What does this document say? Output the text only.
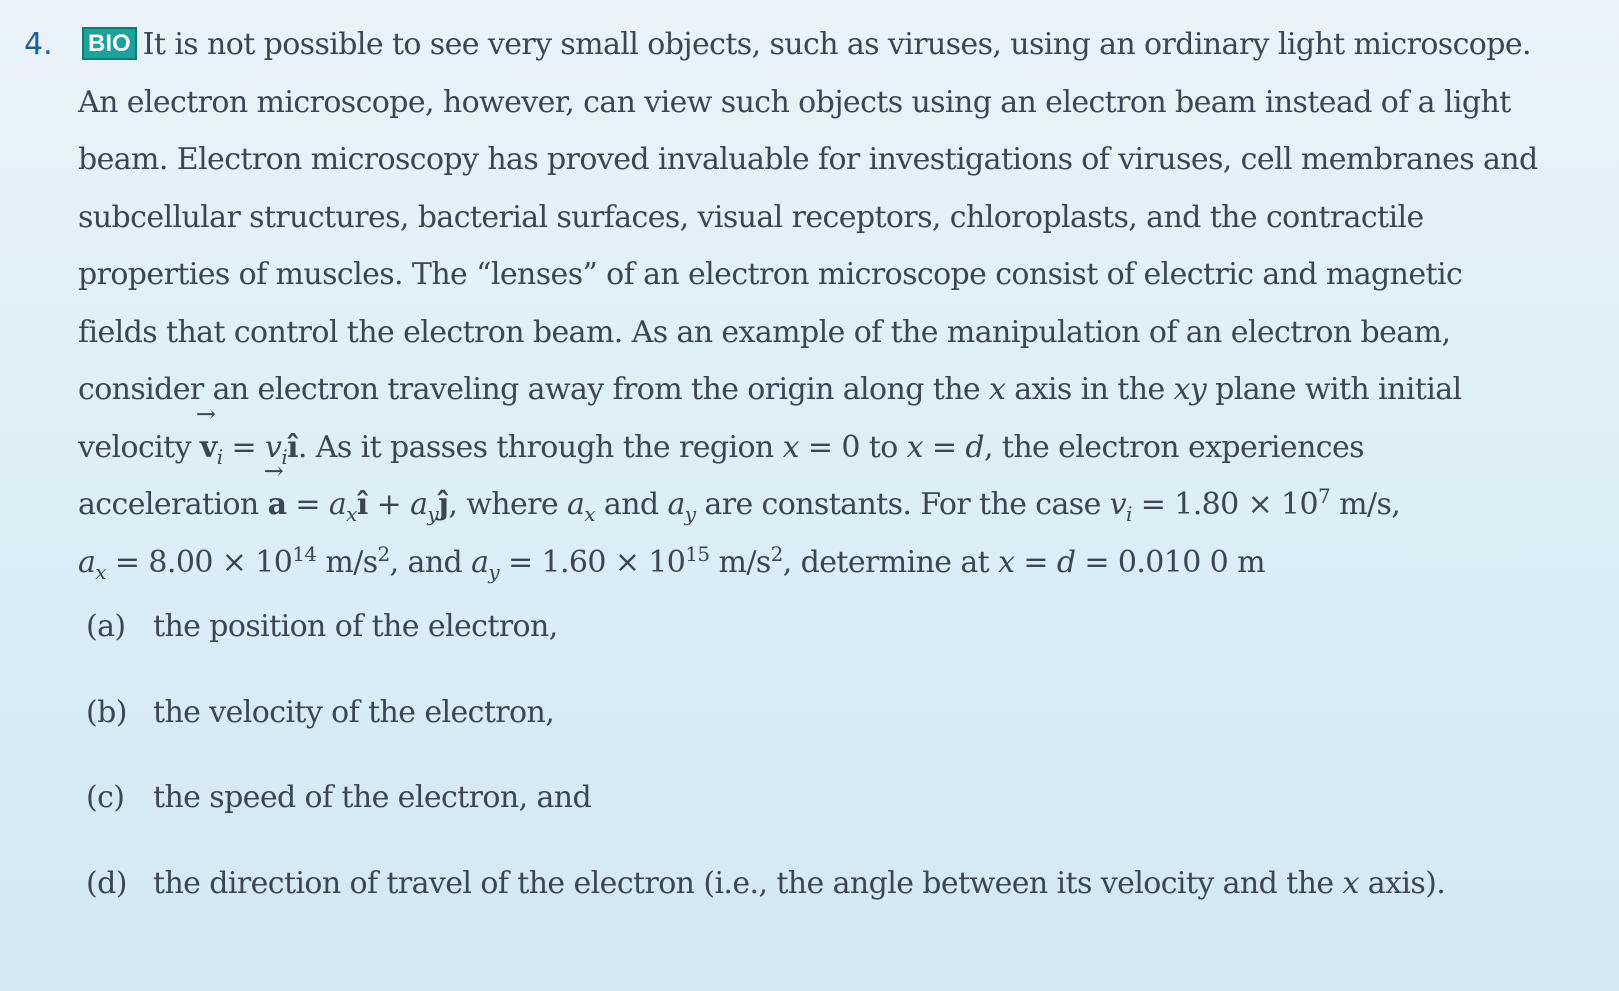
4.	BIO It is not possible to see very small objects, such as viruses, using an ordinary light microscope.
An electron microscope, however, can view such objects using an electron beam instead of a light
beam. Electron microscopy has proved invaluable for investigations of viruses, cell membranes and
subcellular structures, bacterial surfaces, visual receptors, chloroplasts, and the contractile
properties of muscles. The “lenses” of an electron microscope consist of electric and magnetic
fields that control the electron beam. As an example of the manipulation of an electron beam,
consider an electron traveling away from the origin along the x axis in the xy plane with initial
velocity
→
$v_i$ = $v_iî$. As it passes through the region x = 0 to x = d, the electron experiences
acceleration
→
$a = a_xî$ + $a_yĵ$, where $a_x$ and $a_y$ are constants. For the case $v_i = 1.80 \times 10^7$ m/s,
$a_x = 8.00 \times 10^{14}$ $m/s^2$, and $a_y = 1.60 \times 10^{15}$ $m/s^2$, determine at x = d = 0.010 0 m
(a) the position of the electron,
(b) the velocity of the electron,
(c) the speed of the electron, and
(d) the direction of travel of the electron (i.e., the angle between its velocity and the x axis).
